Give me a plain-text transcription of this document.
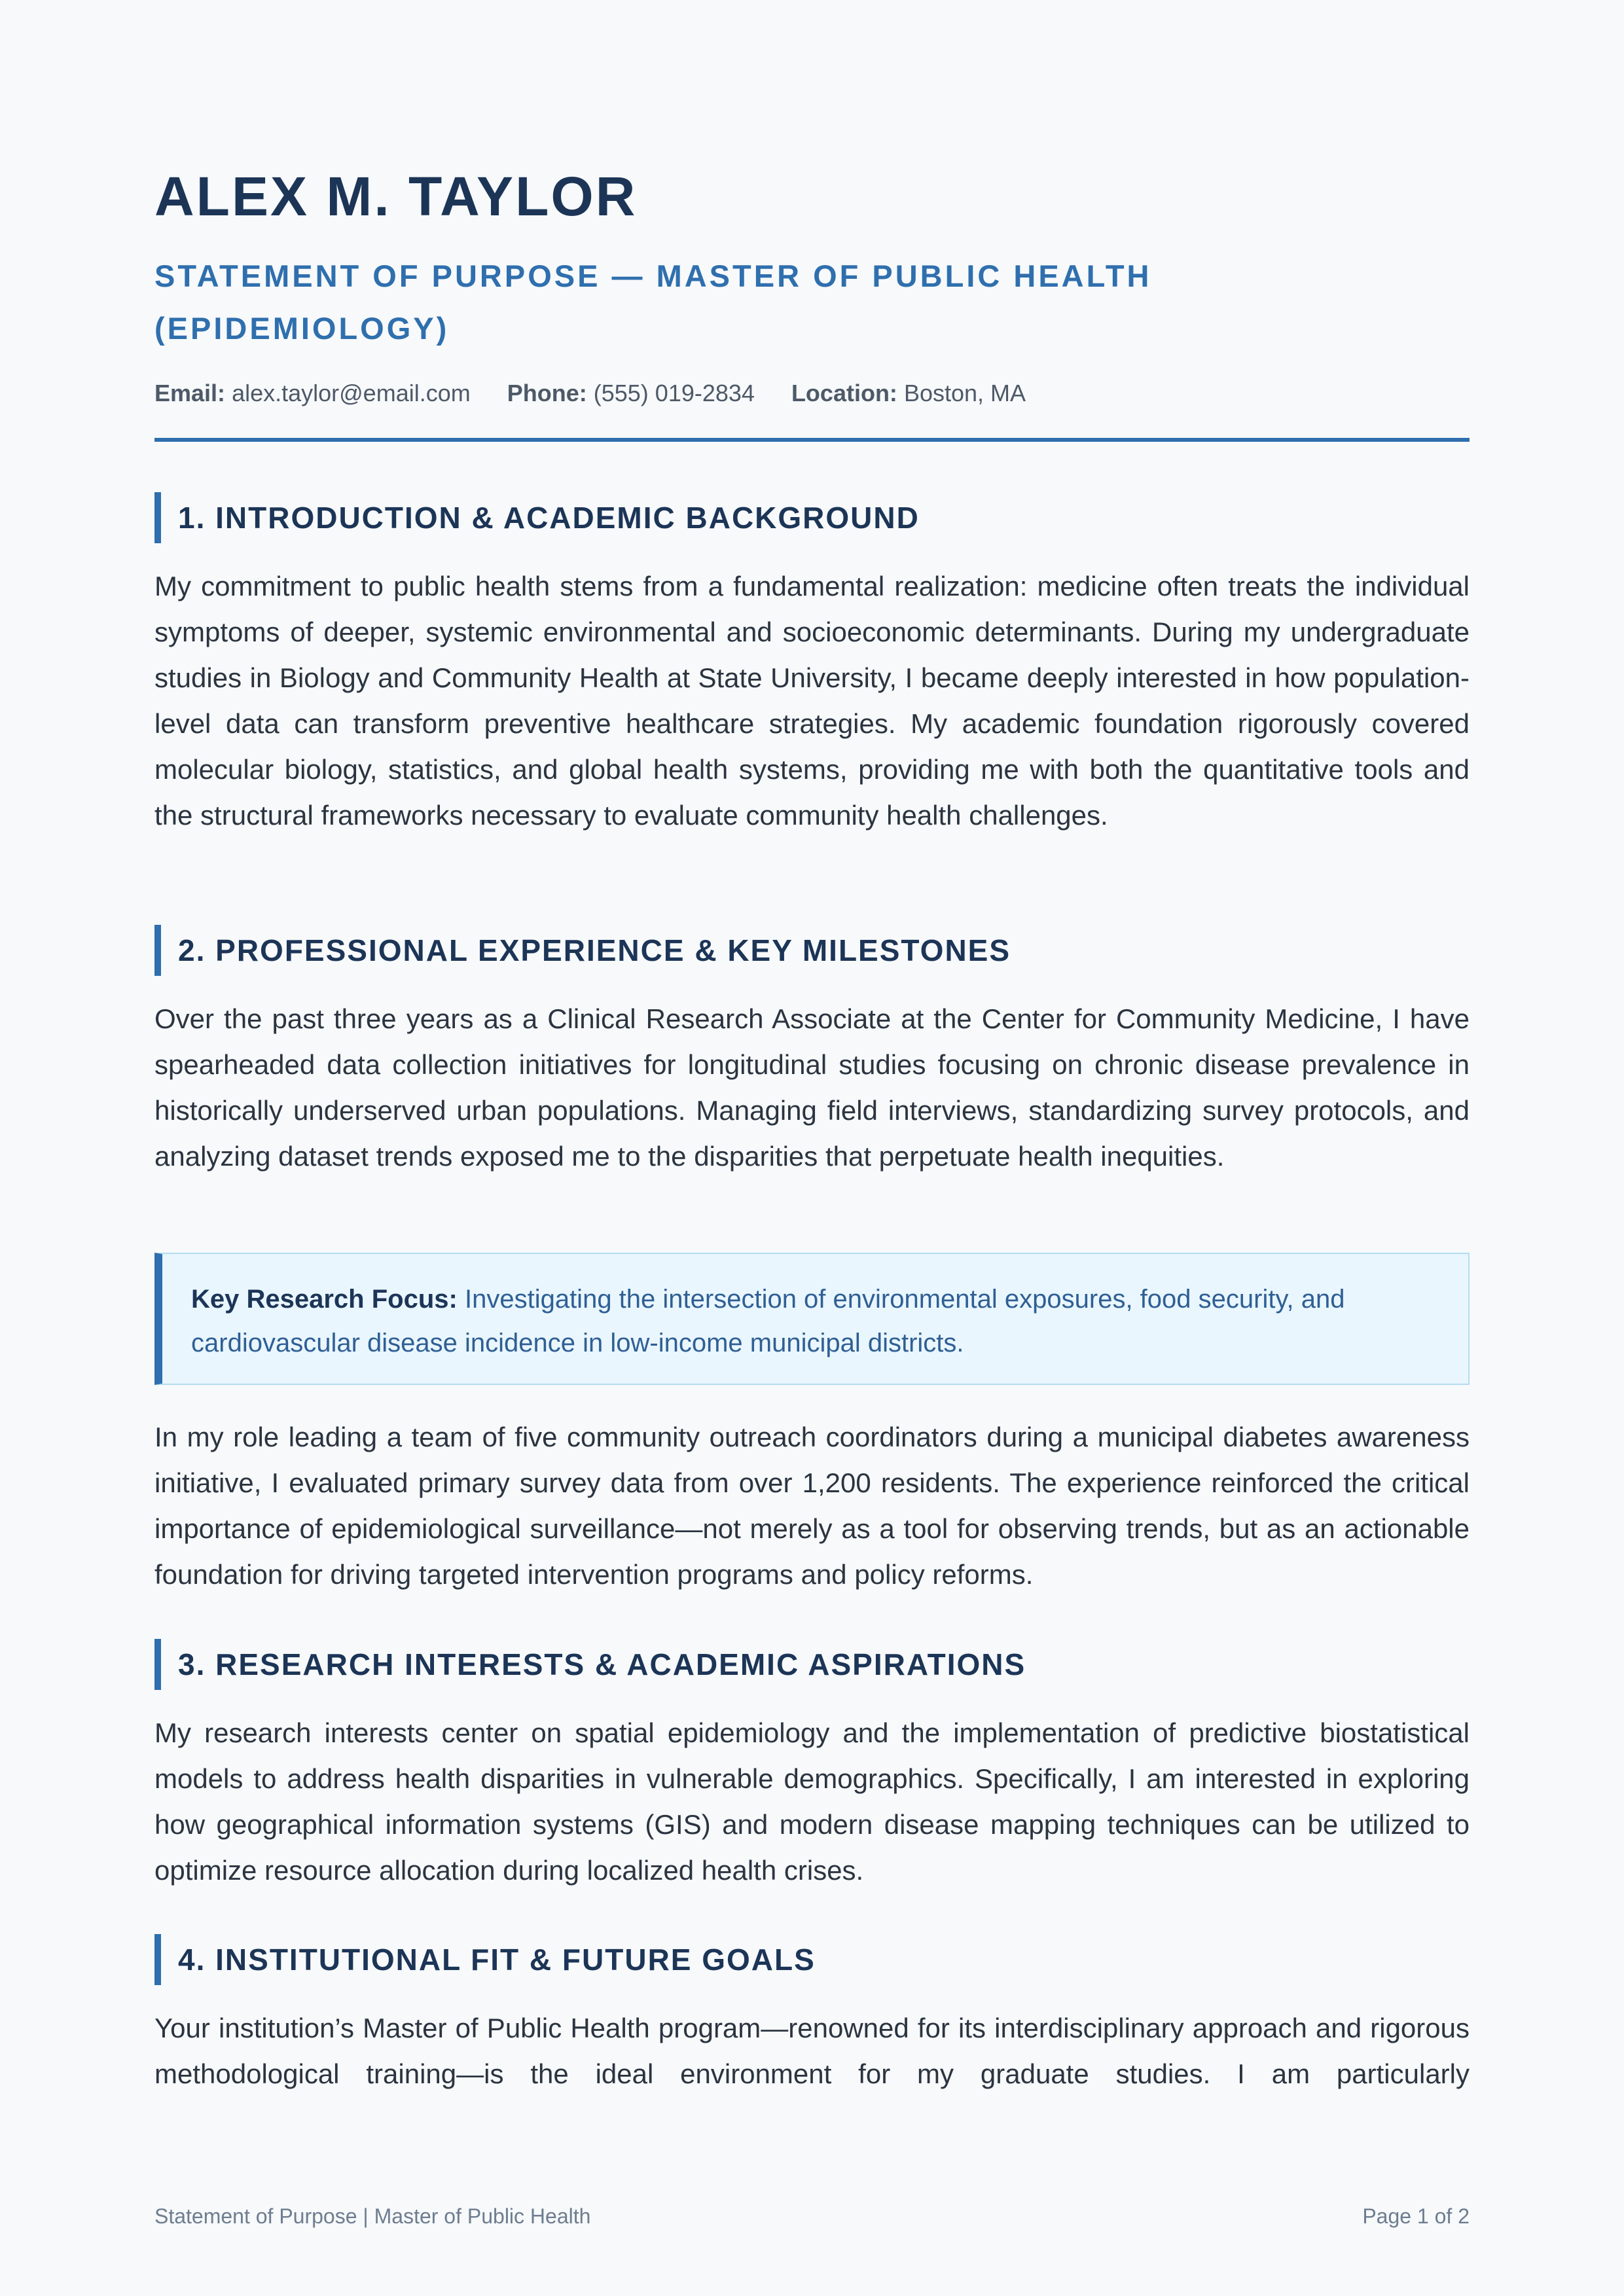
ALEX M. TAYLOR
STATEMENT OF PURPOSE — MASTER OF PUBLIC HEALTH (EPIDEMIOLOGY)
Email: alex.taylor@email.com Phone: (555) 019-2834 Location: Boston, MA
1. INTRODUCTION & ACADEMIC BACKGROUND

My commitment to public health stems from a fundamental realization: medicine often treats the individual symptoms of deeper, systemic environmental and socioeconomic determinants. During my undergraduate studies in Biology and Community Health at State University, I became deeply interested in how population-level data can transform preventive healthcare strategies. My academic foundation rigorously covered molecular biology, statistics, and global health systems, providing me with both the quantitative tools and the structural frameworks necessary to evaluate community health challenges.

2. PROFESSIONAL EXPERIENCE & KEY MILESTONES

Over the past three years as a Clinical Research Associate at the Center for Community Medicine, I have spearheaded data collection initiatives for longitudinal studies focusing on chronic disease prevalence in historically underserved urban populations. Managing field interviews, standardizing survey protocols, and analyzing dataset trends exposed me to the disparities that perpetuate health inequities.

Key Research Focus: Investigating the intersection of environmental exposures, food security, and cardiovascular disease incidence in low-income municipal districts.

In my role leading a team of five community outreach coordinators during a municipal diabetes awareness initiative, I evaluated primary survey data from over 1,200 residents. The experience reinforced the critical importance of epidemiological surveillance—not merely as a tool for observing trends, but as an actionable foundation for driving targeted intervention programs and policy reforms.

3. RESEARCH INTERESTS & ACADEMIC ASPIRATIONS

My research interests center on spatial epidemiology and the implementation of predictive biostatistical models to address health disparities in vulnerable demographics. Specifically, I am interested in exploring how geographical information systems (GIS) and modern disease mapping techniques can be utilized to optimize resource allocation during localized health crises.

4. INSTITUTIONAL FIT & FUTURE GOALS

Your institution’s Master of Public Health program—renowned for its interdisciplinary approach and rigorous methodological training—is the ideal environment for my graduate studies. I am particularly

Statement of Purpose | Master of Public Health	Page 1 of 2
